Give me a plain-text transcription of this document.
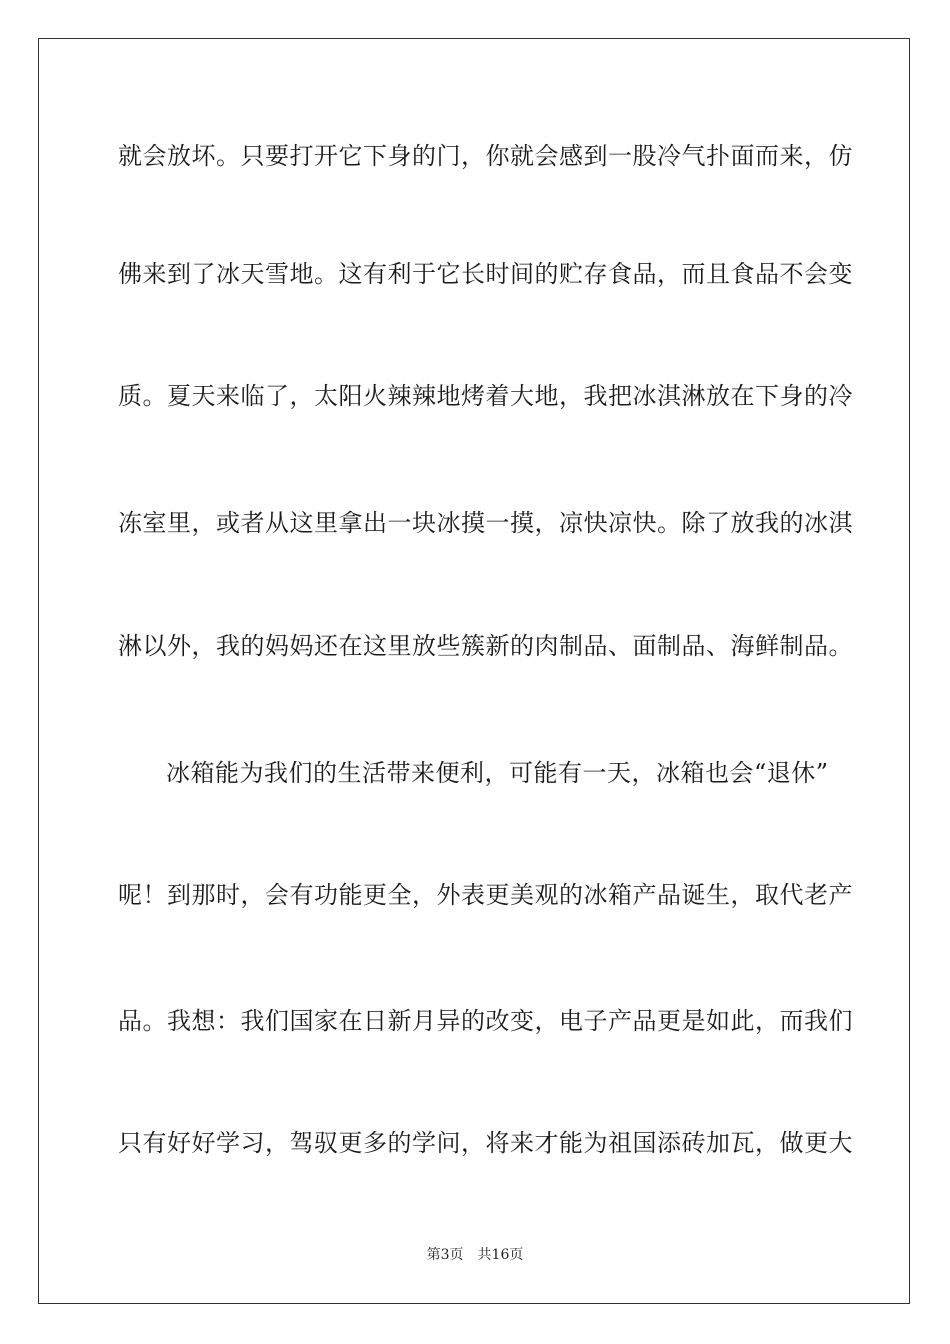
就会放坏。只要打开它下身的门，你就会感到一股冷气扑面而来，仿
佛来到了冰天雪地。这有利于它长时间的贮存食品，而且食品不会变
质。夏天来临了，太阳火辣辣地烤着大地，我把冰淇淋放在下身的冷
冻室里，或者从这里拿出一块冰摸一摸，凉快凉快。除了放我的冰淇
淋以外，我的妈妈还在这里放些簇新的肉制品、面制品、海鲜制品。
冰箱能为我们的生活带来便利，可能有一天，冰箱也会“退休”
呢！到那时，会有功能更全，外表更美观的冰箱产品诞生，取代老产
品。我想：我们国家在日新月异的改变，电子产品更是如此，而我们
只有好好学习，驾驭更多的学问，将来才能为祖国添砖加瓦，做更大
第3页 共16页
